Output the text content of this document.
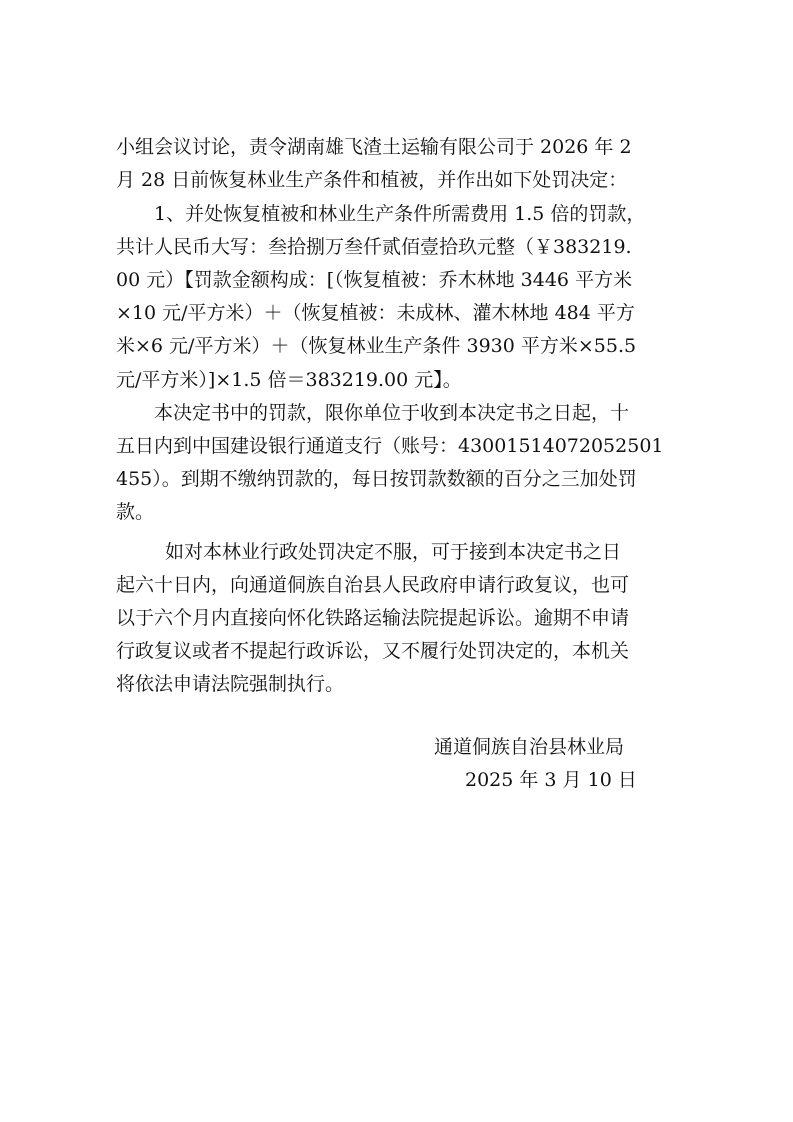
小组会议讨论，责令湖南雄飞渣土运输有限公司于 2026 年 2
月 28 日前恢复林业生产条件和植被，并作出如下处罚决定：
1、并处恢复植被和林业生产条件所需费用 1.5 倍的罚款，
共计人民币大写：叁拾捌万叁仟贰佰壹拾玖元整（￥383219.
00 元）【罚款金额构成：[（恢复植被：乔木林地 3446 平方米
×10 元/平方米）＋（恢复植被：未成林、灌木林地 484 平方
米×6 元/平方米）＋（恢复林业生产条件 3930 平方米×55.5
元/平方米）]×1.5 倍＝383219.00 元】。
本决定书中的罚款，限你单位于收到本决定书之日起，十
五日内到中国建设银行通道支行（账号：43001514072052501
455）。到期不缴纳罚款的，每日按罚款数额的百分之三加处罚
款。
如对本林业行政处罚决定不服，可于接到本决定书之日
起六十日内，向通道侗族自治县人民政府申请行政复议，也可
以于六个月内直接向怀化铁路运输法院提起诉讼。逾期不申请
行政复议或者不提起行政诉讼，又不履行处罚决定的，本机关
将依法申请法院强制执行。
通道侗族自治县林业局
2025 年 3 月 10 日
